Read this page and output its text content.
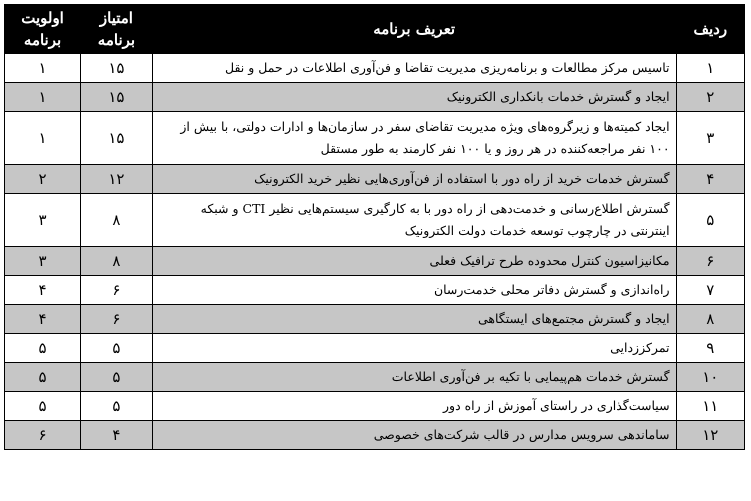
ردیف	تعریف برنامه	امتیاز برنامه	اولویت برنامه
۱	تاسیس مرکز مطالعات و برنامه‌ریزی مدیریت تقاضا و فن‌آوری اطلاعات در حمل و نقل	۱۵	۱
۲	ایجاد و گسترش خدمات بانکداری الکترونیک	۱۵	۱
۳	ایجاد کمیته‌ها و زیرگروه‌های ویژه مدیریت تقاضای سفر در سازمان‌ها و ادارات دولتی، با بیش از ۱۰۰ نفر مراجعه‌کننده در هر روز و یا ۱۰۰ نفر کارمند به طور مستقل	۱۵	۱
۴	گسترش خدمات خرید از راه دور با استفاده از فن‌آوری‌هایی نظیر خرید الکترونیک	۱۲	۲
۵	گسترش اطلاع‌رسانی و خدمت‌دهی از راه دور با به کارگیری سیستم‌هایی نظیر CTI و شبکه اینترنتی در چارچوب توسعه خدمات دولت الکترونیک	۸	۳
۶	مکانیزاسیون کنترل محدوده طرح ترافیک فعلی	۸	۳
۷	راه‌اندازی و گسترش دفاتر محلی خدمت‌رسان	۶	۴
۸	ایجاد و گسترش مجتمع‌های ایستگاهی	۶	۴
۹	تمرکززدایی	۵	۵
۱۰	گسترش خدمات هم‌پیمایی با تکیه بر فن‌آوری اطلاعات	۵	۵
۱۱	سیاست‌گذاری در راستای آموزش از راه دور	۵	۵
۱۲	ساماندهی سرویس مدارس در قالب شرکت‌های خصوصی	۴	۶
